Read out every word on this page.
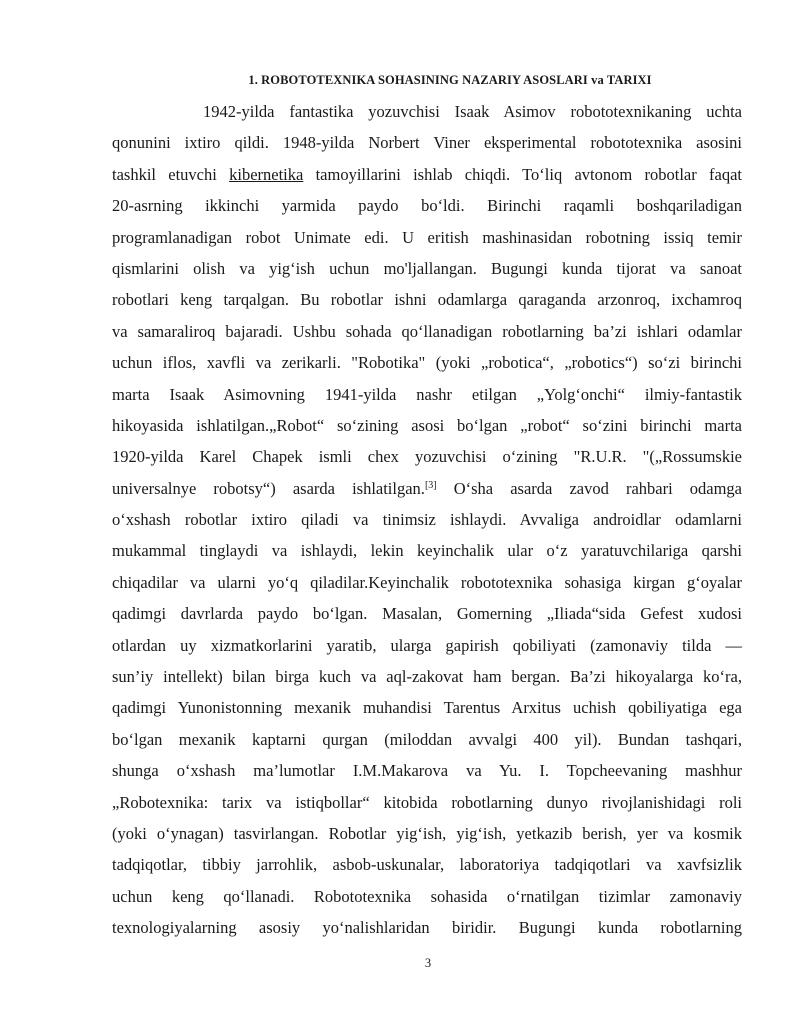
1. ROBOTOTEXNIKA SOHASINING NAZARIY ASOSLARI va TARIXI
1942-yilda fantastika yozuvchisi Isaak Asimov robototexnikaning uchta
qonunini ixtiro qildi. 1948-yilda Norbert Viner eksperimental robototexnika asosini
tashkil etuvchi kibernetika tamoyillarini ishlab chiqdi. To‘liq avtonom robotlar faqat
20-asrning ikkinchi yarmida paydo bo‘ldi. Birinchi raqamli boshqariladigan
programlanadigan robot Unimate edi. U eritish mashinasidan robotning issiq temir
qismlarini olish va yig‘ish uchun mo'ljallangan. Bugungi kunda tijorat va sanoat
robotlari keng tarqalgan. Bu robotlar ishni odamlarga qaraganda arzonroq, ixchamroq
va samaraliroq bajaradi. Ushbu sohada qo‘llanadigan robotlarning ba’zi ishlari odamlar
uchun iflos, xavfli va zerikarli. "Robotika" (yoki „robotica“, „robotics“) so‘zi birinchi
marta Isaak Asimovning 1941-yilda nashr etilgan „Yolg‘onchi“ ilmiy-fantastik
hikoyasida ishlatilgan.„Robot“ so‘zining asosi bo‘lgan „robot“ so‘zini birinchi marta
1920-yilda Karel Chapek ismli chex yozuvchisi o‘zining "R.U.R. "(„Rossumskie
universalnye robotsy“) asarda ishlatilgan.[3] O‘sha asarda zavod rahbari odamga
o‘xshash robotlar ixtiro qiladi va tinimsiz ishlaydi. Avvaliga androidlar odamlarni
mukammal tinglaydi va ishlaydi, lekin keyinchalik ular o‘z yaratuvchilariga qarshi
chiqadilar va ularni yo‘q qiladilar.Keyinchalik robototexnika sohasiga kirgan g‘oyalar
qadimgi davrlarda paydo bo‘lgan. Masalan, Gomerning „Iliada“sida Gefest xudosi
otlardan uy xizmatkorlarini yaratib, ularga gapirish qobiliyati (zamonaviy tilda —
sun’iy intellekt) bilan birga kuch va aql-zakovat ham bergan. Ba’zi hikoyalarga ko‘ra,
qadimgi Yunonistonning mexanik muhandisi Tarentus Arxitus uchish qobiliyatiga ega
bo‘lgan mexanik kaptarni qurgan (miloddan avvalgi 400 yil). Bundan tashqari,
shunga o‘xshash ma’lumotlar I.M.Makarova va Yu. I. Topcheevaning mashhur
„Robotexnika: tarix va istiqbollar“ kitobida robotlarning dunyo rivojlanishidagi roli
(yoki o‘ynagan) tasvirlangan. Robotlar yig‘ish, yig‘ish, yetkazib berish, yer va kosmik
tadqiqotlar, tibbiy jarrohlik, asbob-uskunalar, laboratoriya tadqiqotlari va xavfsizlik
uchun keng qo‘llanadi. Robototexnika sohasida o‘rnatilgan tizimlar zamonaviy
texnologiyalarning asosiy yo‘nalishlaridan biridir. Bugungi kunda robotlarning
3
